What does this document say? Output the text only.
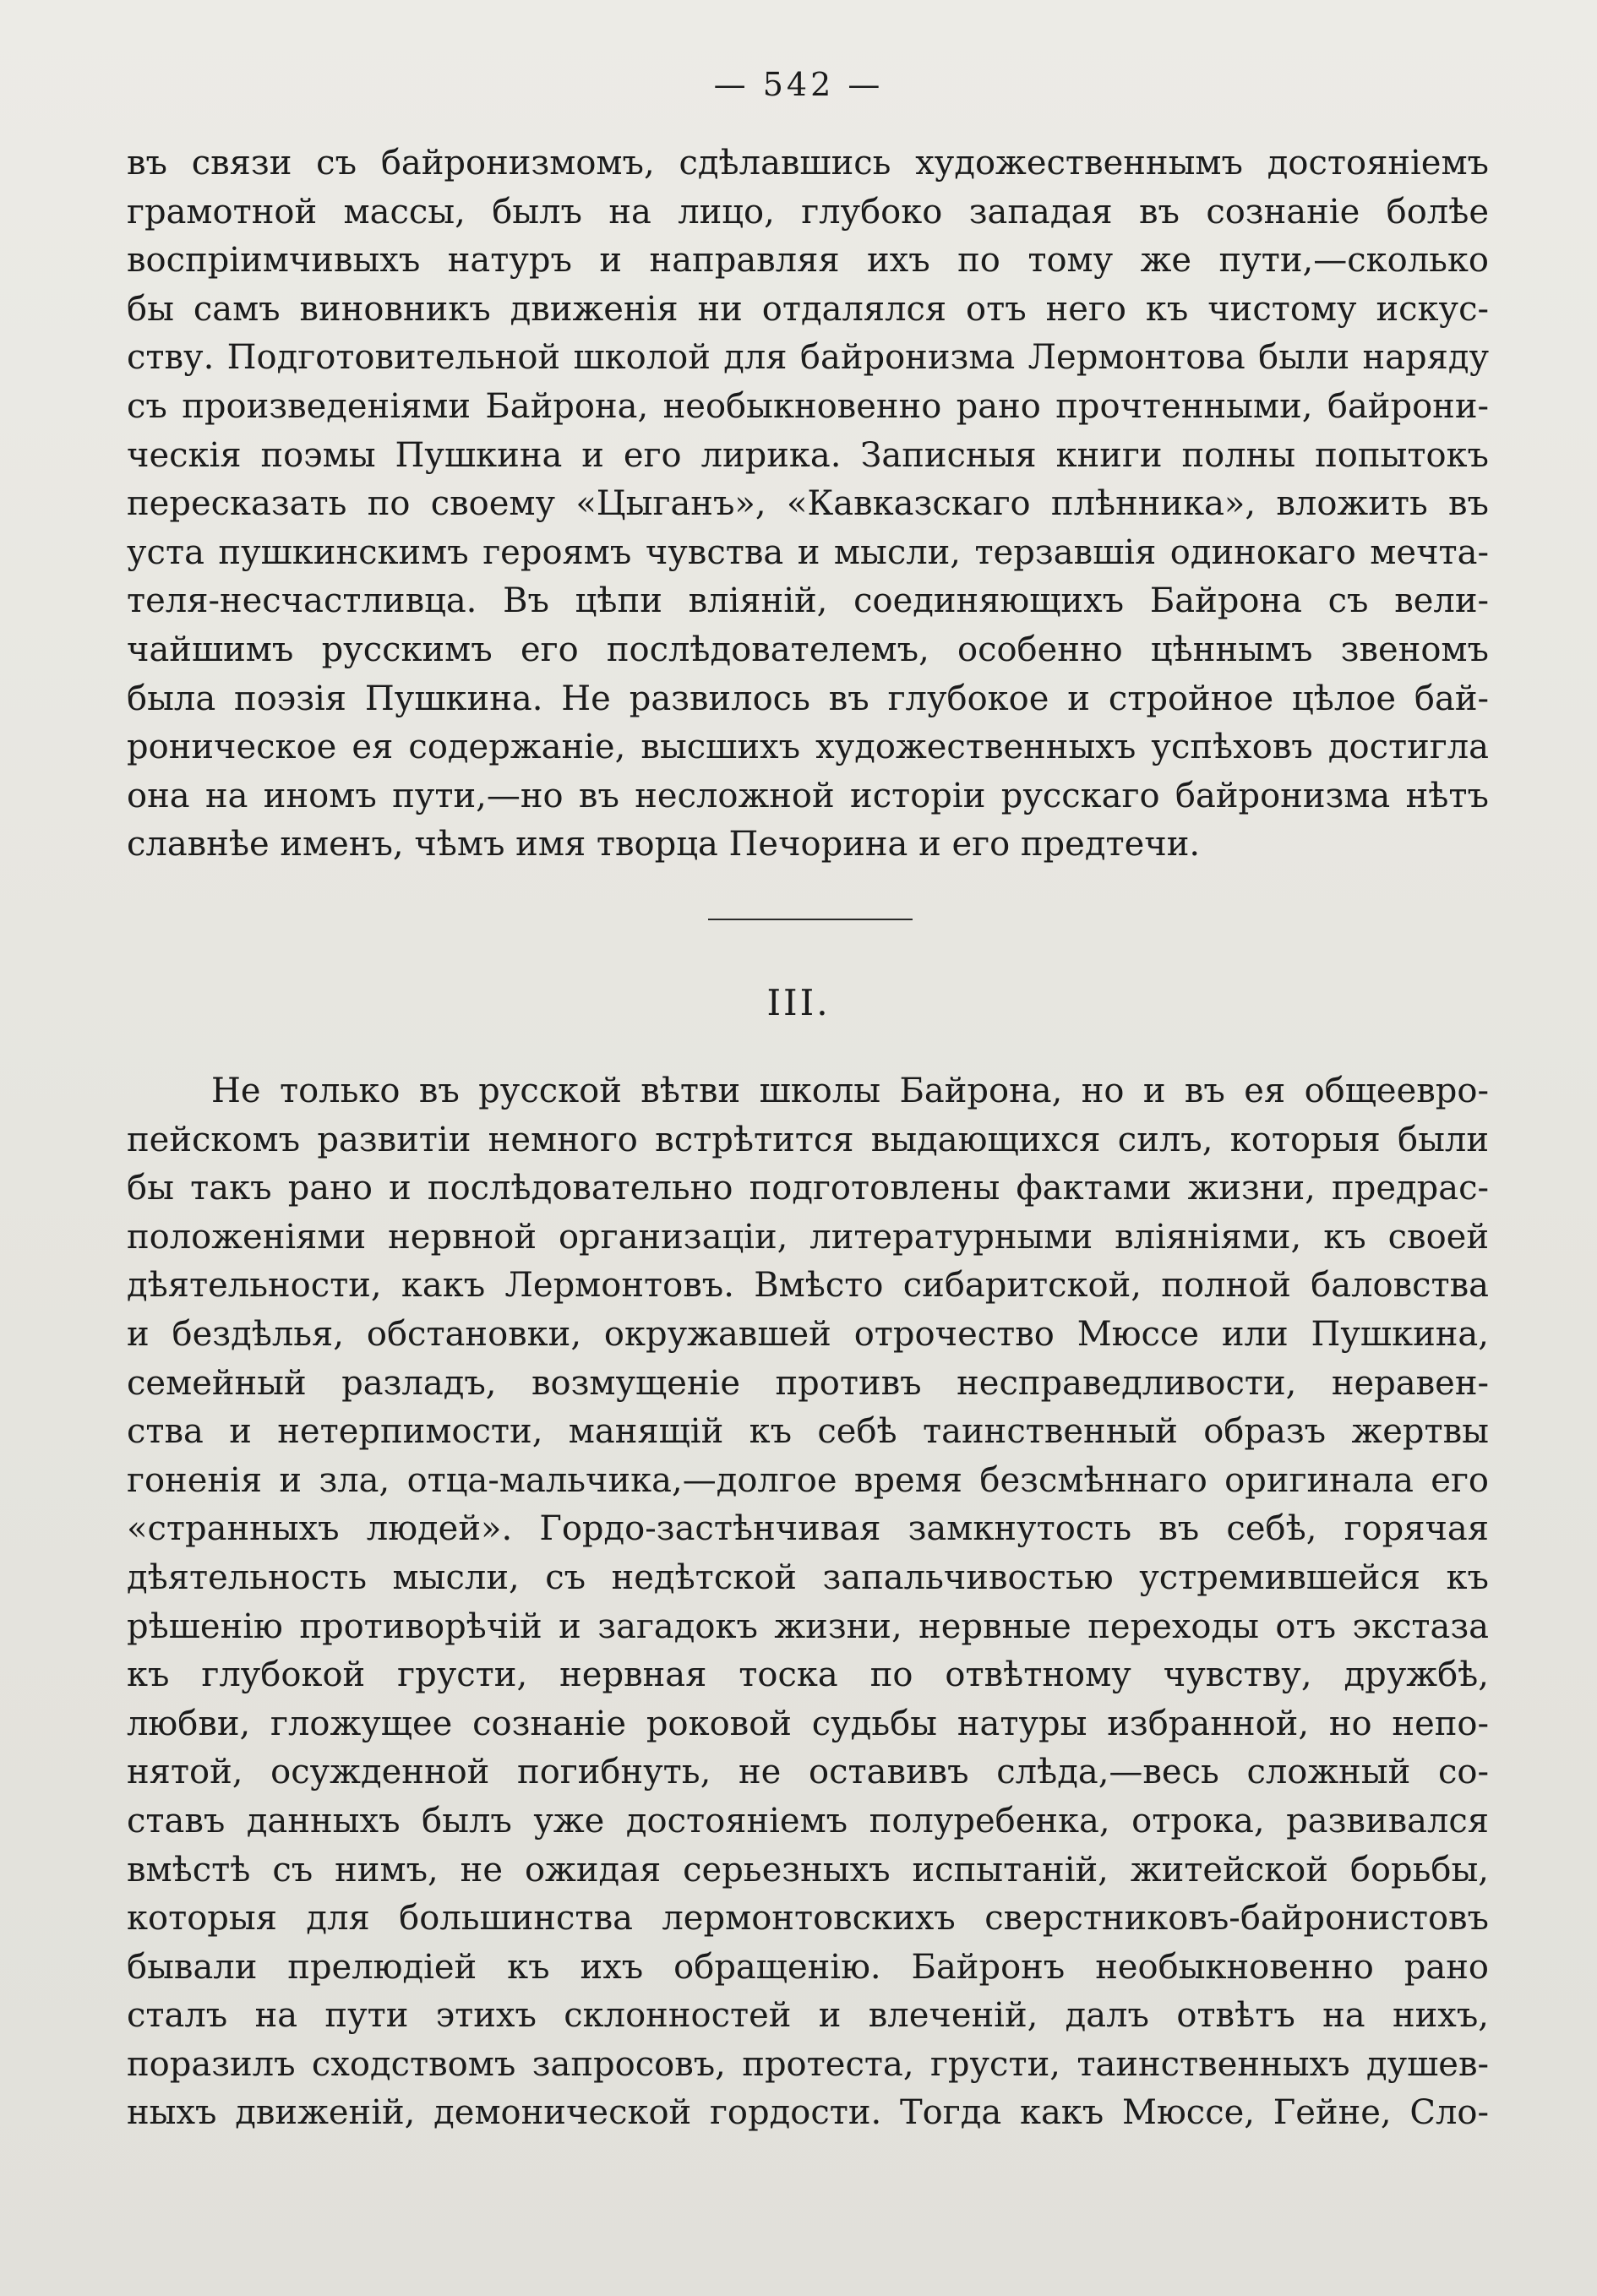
— 542 —
въ связи съ байронизмомъ, сдѣлавшись художественнымъ достояніемъ
грамотной массы, былъ на лицо, глубоко западая въ сознаніе болѣе
воспріимчивыхъ натуръ и направляя ихъ по тому же пути,—сколько
бы самъ виновникъ движенія ни отдалялся отъ него къ чистому искус-
ству. Подготовительной школой для байронизма Лермонтова были наряду
съ произведеніями Байрона, необыкновенно рано прочтенными, байрони-
ческія поэмы Пушкина и его лирика. Записныя книги полны попытокъ
пересказать по своему «Цыганъ», «Кавказскаго плѣнника», вложить въ
уста пушкинскимъ героямъ чувства и мысли, терзавшія одинокаго мечта-
теля-несчастливца. Въ цѣпи вліяній, соединяющихъ Байрона съ вели-
чайшимъ русскимъ его послѣдователемъ, особенно цѣннымъ звеномъ
была поэзія Пушкина. Не развилось въ глубокое и стройное цѣлое бай-
роническое ея содержаніе, высшихъ художественныхъ успѣховъ достигла
она на иномъ пути,—но въ несложной исторіи русскаго байронизма нѣтъ
славнѣе именъ, чѣмъ имя творца Печорина и его предтечи.
III.
Не только въ русской вѣтви школы Байрона, но и въ ея общеевро-
пейскомъ развитіи немного встрѣтится выдающихся силъ, которыя были
бы такъ рано и послѣдовательно подготовлены фактами жизни, предрас-
положеніями нервной организаціи, литературными вліяніями, къ своей
дѣятельности, какъ Лермонтовъ. Вмѣсто сибаритской, полной баловства
и бездѣлья, обстановки, окружавшей отрочество Мюссе или Пушкина,
семейный разладъ, возмущеніе противъ несправедливости, неравен-
ства и нетерпимости, манящій къ себѣ таинственный образъ жертвы
гоненія и зла, отца-мальчика,—долгое время безсмѣннаго оригинала его
«странныхъ людей». Гордо-застѣнчивая замкнутость въ себѣ, горячая
дѣятельность мысли, съ недѣтской запальчивостью устремившейся къ
рѣшенію противорѣчій и загадокъ жизни, нервные переходы отъ экстаза
къ глубокой грусти, нервная тоска по отвѣтному чувству, дружбѣ,
любви, гложущее сознаніе роковой судьбы натуры избранной, но непо-
нятой, осужденной погибнуть, не оставивъ слѣда,—весь сложный со-
ставъ данныхъ былъ уже достояніемъ полуребенка, отрока, развивался
вмѣстѣ съ нимъ, не ожидая серьезныхъ испытаній, житейской борьбы,
которыя для большинства лермонтовскихъ сверстниковъ-байронистовъ
бывали прелюдіей къ ихъ обращенію. Байронъ необыкновенно рано
сталъ на пути этихъ склонностей и влеченій, далъ отвѣтъ на нихъ,
поразилъ сходствомъ запросовъ, протеста, грусти, таинственныхъ душев-
ныхъ движеній, демонической гордости. Тогда какъ Мюссе, Гейне, Сло-
